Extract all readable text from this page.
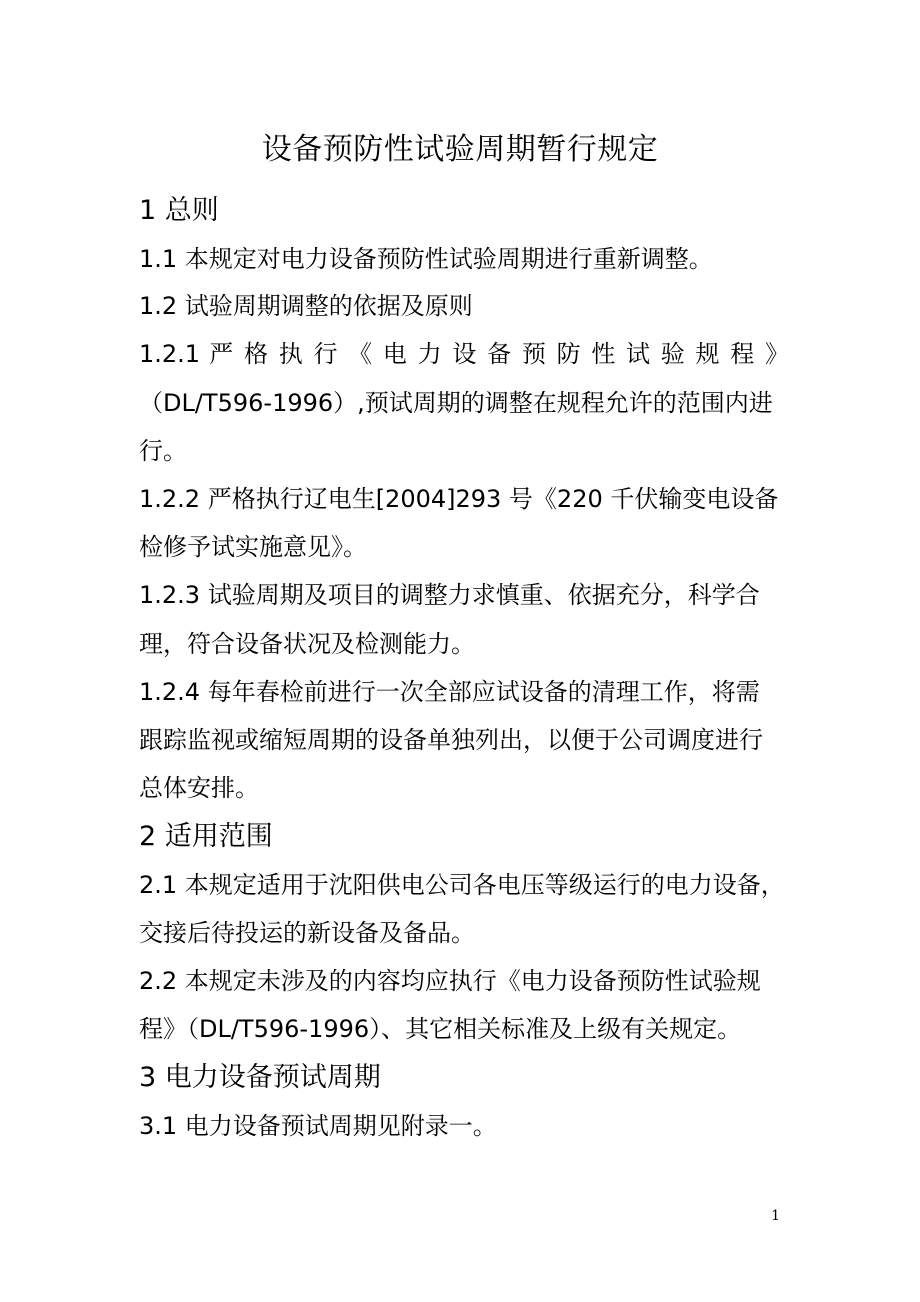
设备预防性试验周期暂行规定
1 总则
1.1 本规定对电力设备预防性试验周期进行重新调整。
1.2 试验周期调整的依据及原则
1.2.1 严 格 执 行 《 电 力 设 备 预 防 性 试 验 规 程 》
（DL/T596-1996）,预试周期的调整在规程允许的范围内进
行。
1.2.2 严格执行辽电生[2004]293 号《220 千伏输变电设备
检修予试实施意见》。
1.2.3 试验周期及项目的调整力求慎重、依据充分，科学合
理，符合设备状况及检测能力。
1.2.4 每年春检前进行一次全部应试设备的清理工作，将需
跟踪监视或缩短周期的设备单独列出，以便于公司调度进行
总体安排。
2 适用范围
2.1 本规定适用于沈阳供电公司各电压等级运行的电力设备，
交接后待投运的新设备及备品。
2.2 本规定未涉及的内容均应执行《电力设备预防性试验规
程》（DL/T596-1996）、其它相关标准及上级有关规定。
3 电力设备预试周期
3.1 电力设备预试周期见附录一。
1
